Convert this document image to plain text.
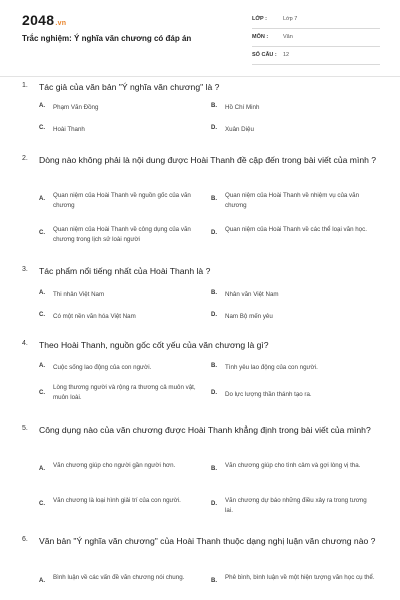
2048.vn
Trắc nghiệm: Ý nghĩa văn chương có đáp án
LỚP :	Lớp 7
MÔN :	Văn
SỐ CÂU : 12
1. Tác giả của văn bản "Ý nghĩa văn chương" là ?
A. Phạm Văn Đồng	B. Hồ Chí Minh
C. Hoài Thanh	D. Xuân Diệu
2. Dòng nào không phải là nội dung được Hoài Thanh đề cập đến trong bài viết của mình ?
A. Quan niệm của Hoài Thanh về nguồn gốc của văn chương
B. Quan niệm của Hoài Thanh về nhiệm vụ của văn chương
C. Quan niệm của Hoài Thanh về công dụng của văn chương trong lịch sử loài người
D. Quan niệm của Hoài Thanh về các thể loại văn học.
3. Tác phẩm nổi tiếng nhất của Hoài Thanh là ?
A. Thi nhân Việt Nam	B. Nhân văn Việt Nam
C. Có một nền văn hóa Việt Nam	D. Nam Bộ mến yêu
4. Theo Hoài Thanh, nguồn gốc cốt yếu của văn chương là gì?
A. Cuộc sống lao động của con người.	B. Tình yêu lao động của con người.
C.
Lòng thương người và rộng ra thương cả muôn vật, muôn loài.
D. Do lực lượng thần thánh tạo ra.
5. Công dụng nào của văn chương được Hoài Thanh khẳng định trong bài viết của mình?
A. Văn chương giúp cho người gần người hơn.	B. Văn chương giúp cho tình cảm và gợi lòng vị tha.
C. Văn chương là loại hình giải trí của con người.	D. Văn chương dự báo những điều xảy ra trong tương lai.
6. Văn bản "Ý nghĩa văn chương" của Hoài Thanh thuộc dạng nghị luận văn chương nào ?
A. Bình luận về các vấn đề văn chương nói chung.	B. Phê bình, bình luận về một hiện tượng văn học cụ thể.
